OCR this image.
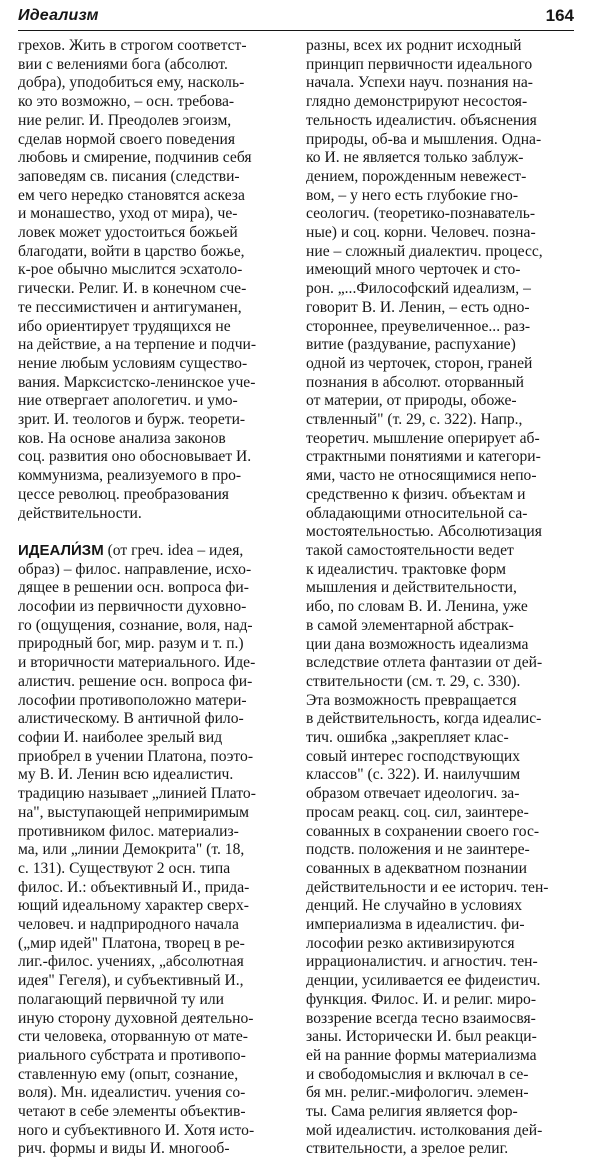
Идеализм	164
грехов. Жить в строгом соответст-
вии с велениями бога (абсолют.
добра), уподобиться ему, насколь-
ко это возможно, – осн. требова-
ние религ. И. Преодолев эгоизм,
сделав нормой своего поведения
любовь и смирение, подчинив себя
заповедям св. писания (следстви-
ем чего нередко становятся аскеза
и монашество, уход от мира), че-
ловек может удостоиться божьей
благодати, войти в царство божье,
к-рое обычно мыслится эсхатоло-
гически. Религ. И. в конечном сче-
те пессимистичен и антигуманен,
ибо ориентирует трудящихся не
на действие, а на терпение и подчи-
нение любым условиям существо-
вания. Марксистско-ленинское уче-
ние отвергает апологетич. и умо-
зрит. И. теологов и бурж. теорети-
ков. На основе анализа законов
соц. развития оно обосновывает И.
коммунизма, реализуемого в про-
цессе революц. преобразования
действительности.
ИДЕАЛИ́ЗМ (от греч. idea – идея,
образ) – филос. направление, исхо-
дящее в решении осн. вопроса фи-
лософии из первичности духовно-
го (ощущения, сознание, воля, над-
природный бог, мир. разум и т. п.)
и вторичности материального. Иде-
алистич. решение осн. вопроса фи-
лософии противоположно матери-
алистическому. В античной фило-
софии И. наиболее зрелый вид
приобрел в учении Платона, поэто-
му В. И. Ленин всю идеалистич.
традицию называет „линией Плато-
на", выступающей непримиримым
противником филос. материализ-
ма, или „линии Демокрита" (т. 18,
с. 131). Существуют 2 осн. типа
филос. И.: объективный И., прида-
ющий идеальному характер сверх-
человеч. и надприродного начала
(„мир идей" Платона, творец в ре-
лиг.-филос. учениях, „абсолютная
идея" Гегеля), и субъективный И.,
полагающий первичной ту или
иную сторону духовной деятельно-
сти человека, оторванную от мате-
риального субстрата и противопо-
ставленную ему (опыт, сознание,
воля). Мн. идеалистич. учения со-
четают в себе элементы объектив-
ного и субъективного И. Хотя исто-
рич. формы и виды И. многооб-
разны, всех их роднит исходный
принцип первичности идеального
начала. Успехи науч. познания на-
глядно демонстрируют несостоя-
тельность идеалистич. объяснения
природы, об-ва и мышления. Одна-
ко И. не является только заблуж-
дением, порожденным невежест-
вом, – у него есть глубокие гно-
сеологич. (теоретико-познаватель-
ные) и соц. корни. Человеч. позна-
ние – сложный диалектич. процесс,
имеющий много черточек и сто-
рон. „...Философский идеализм, –
говорит В. И. Ленин, – есть одно-
стороннее, преувеличенное... раз-
витие (раздувание, распухание)
одной из черточек, сторон, граней
познания в абсолют. оторванный
от материи, от природы, обоже-
ствленный" (т. 29, с. 322). Напр.,
теоретич. мышление оперирует аб-
страктными понятиями и категори-
ями, часто не относящимися непо-
средственно к физич. объектам и
обладающими относительной са-
мостоятельностью. Абсолютизация
такой самостоятельности ведет
к идеалистич. трактовке форм
мышления и действительности,
ибо, по словам В. И. Ленина, уже
в самой элементарной абстрак-
ции дана возможность идеализма
вследствие отлета фантазии от дей-
ствительности (см. т. 29, с. 330).
Эта возможность превращается
в действительность, когда идеалис-
тич. ошибка „закрепляет клас-
совый интерес господствующих
классов" (с. 322). И. наилучшим
образом отвечает идеологич. за-
просам реакц. соц. сил, заинтере-
сованных в сохранении своего гос-
подств. положения и не заинтере-
сованных в адекватном познании
действительности и ее историч. тен-
денций. Не случайно в условиях
империализма в идеалистич. фи-
лософии резко активизируются
иррационалистич. и агностич. тен-
денции, усиливается ее фидеистич.
функция. Филос. И. и религ. миро-
воззрение всегда тесно взаимосвя-
заны. Исторически И. был реакци-
ей на ранние формы материализма
и свободомыслия и включал в се-
бя мн. религ.-мифологич. элемен-
ты. Сама религия является фор-
мой идеалистич. истолкования дей-
ствительности, а зрелое религ.
